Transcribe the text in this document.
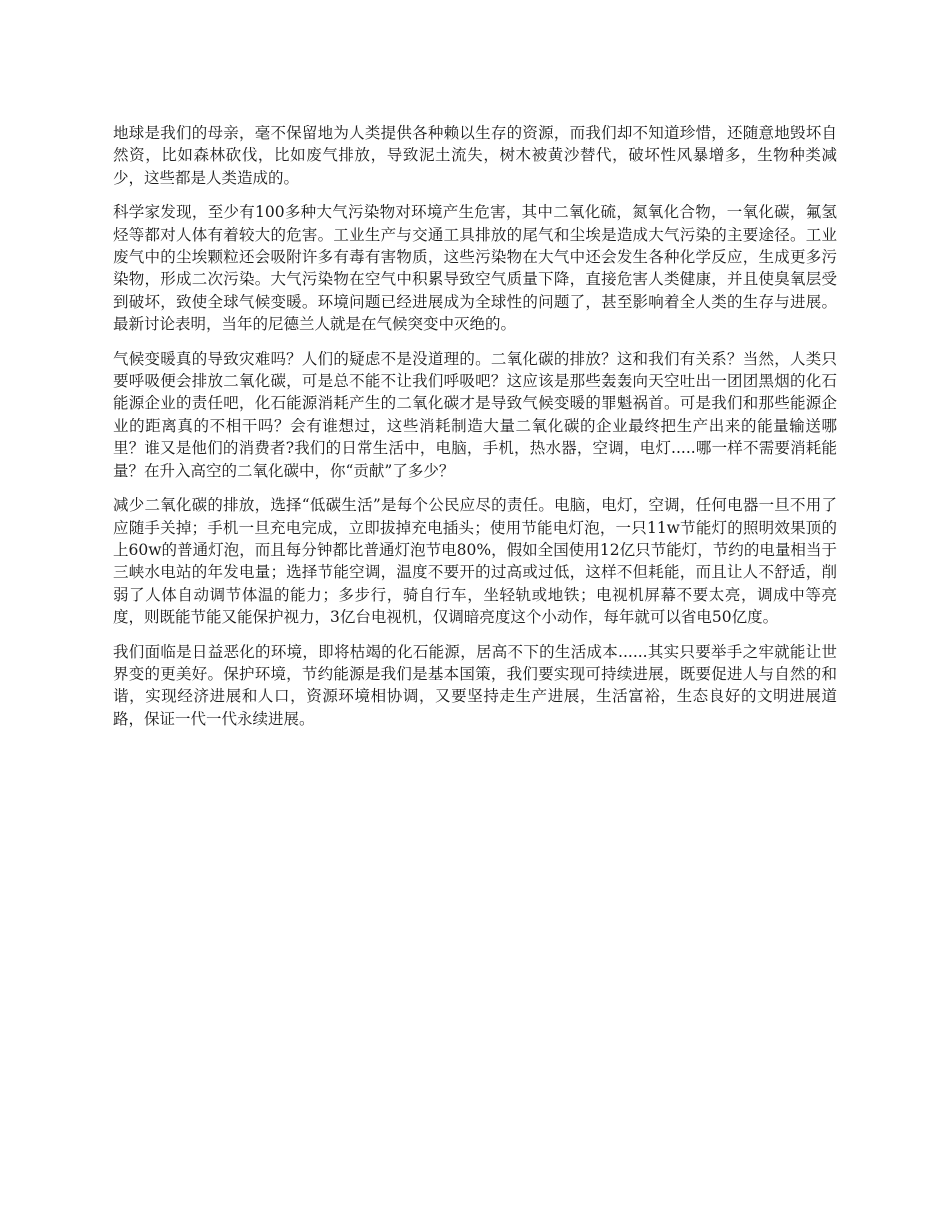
地球是我们的母亲，毫不保留地为人类提供各种赖以生存的资源，而我们却不知道珍惜，还随意地毁坏自然资，比如森林砍伐，比如废气排放，导致泥土流失，树木被黄沙替代，破坏性风暴增多，生物种类减少，这些都是人类造成的。

科学家发现，至少有100多种大气污染物对环境产生危害，其中二氧化硫，氮氧化合物，一氧化碳，氟氢烃等都对人体有着较大的危害。工业生产与交通工具排放的尾气和尘埃是造成大气污染的主要途径。工业废气中的尘埃颗粒还会吸附许多有毒有害物质，这些污染物在大气中还会发生各种化学反应，生成更多污染物，形成二次污染。大气污染物在空气中积累导致空气质量下降，直接危害人类健康，并且使臭氧层受到破坏，致使全球气候变暖。环境问题已经进展成为全球性的问题了，甚至影响着全人类的生存与进展。最新讨论表明，当年的尼德兰人就是在气候突变中灭绝的。

气候变暖真的导致灾难吗？人们的疑虑不是没道理的。二氧化碳的排放？这和我们有关系？当然，人类只要呼吸便会排放二氧化碳，可是总不能不让我们呼吸吧？这应该是那些轰轰向天空吐出一团团黑烟的化石能源企业的责任吧，化石能源消耗产生的二氧化碳才是导致气候变暖的罪魁祸首。可是我们和那些能源企业的距离真的不相干吗？会有谁想过，这些消耗制造大量二氧化碳的企业最终把生产出来的能量输送哪里？谁又是他们的消费者?我们的日常生活中，电脑，手机，热水器，空调，电灯.....哪一样不需要消耗能量？在升入高空的二氧化碳中，你“贡献”了多少？

减少二氧化碳的排放，选择“低碳生活”是每个公民应尽的责任。电脑，电灯，空调，任何电器一旦不用了应随手关掉；手机一旦充电完成，立即拔掉充电插头；使用节能电灯泡，一只11w节能灯的照明效果顶的上60w的普通灯泡，而且每分钟都比普通灯泡节电80%，假如全国使用12亿只节能灯，节约的电量相当于三峡水电站的年发电量；选择节能空调，温度不要开的过高或过低，这样不但耗能，而且让人不舒适，削弱了人体自动调节体温的能力；多步行，骑自行车，坐轻轨或地铁；电视机屏幕不要太亮，调成中等亮度，则既能节能又能保护视力，3亿台电视机，仅调暗亮度这个小动作，每年就可以省电50亿度。

我们面临是日益恶化的环境，即将枯竭的化石能源，居高不下的生活成本......其实只要举手之牢就能让世界变的更美好。保护环境，节约能源是我们是基本国策，我们要实现可持续进展，既要促进人与自然的和谐，实现经济进展和人口，资源环境相协调，又要坚持走生产进展，生活富裕，生态良好的文明进展道路，保证一代一代永续进展。
